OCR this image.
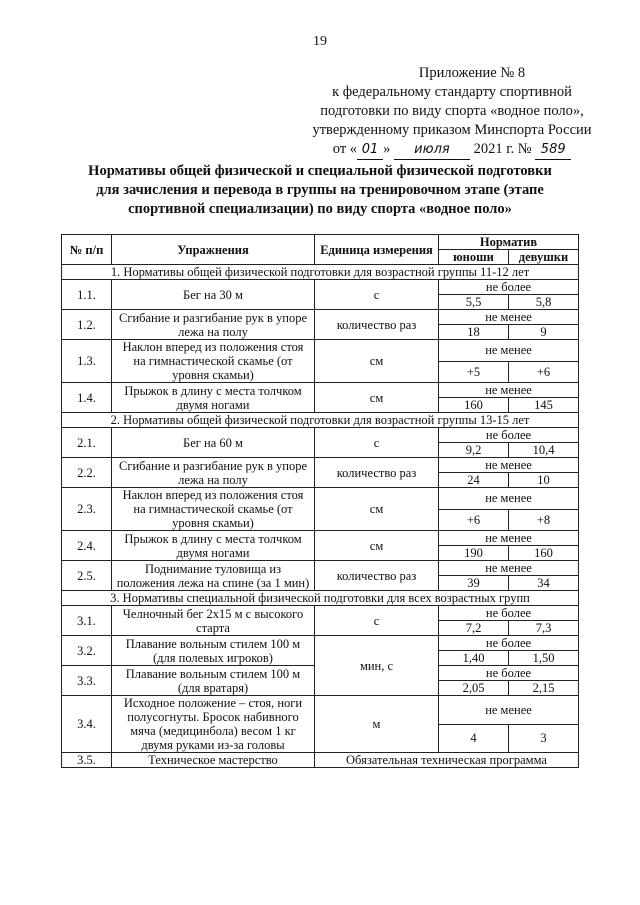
19
Приложение № 8
к федеральному стандарту спортивной
подготовки по виду спорта «водное поло»,
утвержденному приказом Минспорта России
от « 01 » июля 2021 г. № 589
Нормативы общей физической и специальной физической подготовки
для зачисления и перевода в группы на тренировочном этапе (этапе
спортивной специализации) по виду спорта «водное поло»
№ п/п	Упражнения	Единица измерения	Норматив	
			юноши	девушки
1. Нормативы общей физической подготовки для возрастной группы 11-12 лет				
1.1.	Бег на 30 м	с	не более	
			5,5	5,8
1.2.	Сгибание и разгибание рук в упоре лежа на полу	количество раз	не менее	
			18	9
1.3.	Наклон вперед из положения стоя на гимнастической скамье (от уровня скамьи)	см	не менее	
			+5	+6
1.4.	Прыжок в длину с места толчком двумя ногами	см	не менее	
			160	145
2. Нормативы общей физической подготовки для возрастной группы 13-15 лет				
2.1.	Бег на 60 м	с	не более	
			9,2	10,4
2.2.	Сгибание и разгибание рук в упоре лежа на полу	количество раз	не менее	
			24	10
2.3.	Наклон вперед из положения стоя на гимнастической скамье (от уровня скамьи)	см	не менее	
			+6	+8
2.4.	Прыжок в длину с места толчком двумя ногами	см	не менее	
			190	160
2.5.	Поднимание туловища из положения лежа на спине (за 1 мин)	количество раз	не менее	
			39	34
3. Нормативы специальной физической подготовки для всех возрастных групп				
3.1.	Челночный бег 2х15 м с высокого старта	с	не более	
			7,2	7,3
3.2.	Плавание вольным стилем 100 м (для полевых игроков)	мин, с	не более	
			1,40	1,50
3.3.	Плавание вольным стилем 100 м (для вратаря)		не более	
			2,05	2,15
3.4.	Исходное положение – стоя, ноги полусогнуты. Бросок набивного мяча (медицинбола) весом 1 кг двумя руками из-за головы	м	не менее	
			4	3
3.5.	Техническое мастерство	Обязательная техническая программа		
